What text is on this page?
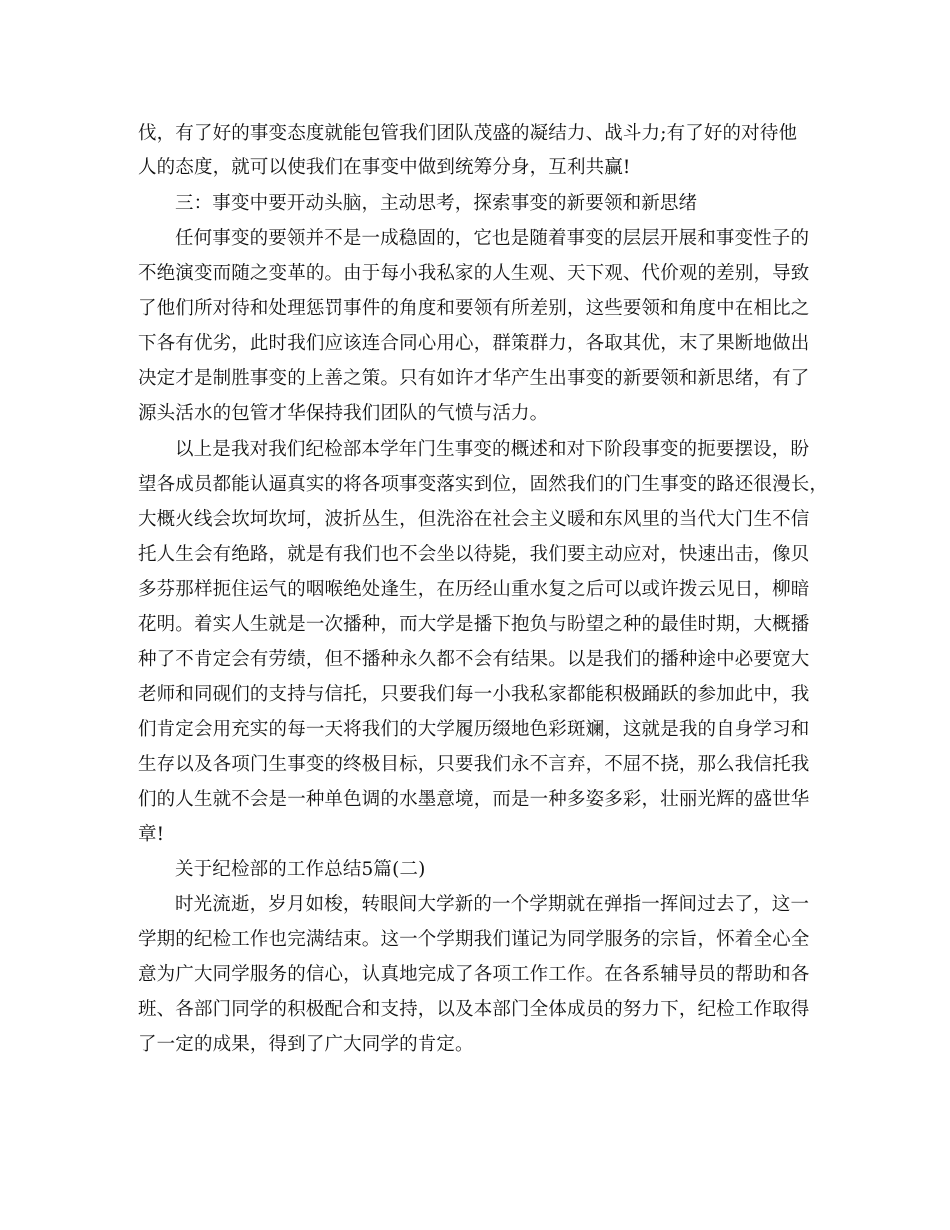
伐，有了好的事变态度就能包管我们团队茂盛的凝结力、战斗力;有了好的对待他
人的态度，就可以使我们在事变中做到统筹分身，互利共赢!
三：事变中要开动头脑，主动思考，探索事变的新要领和新思绪
任何事变的要领并不是一成稳固的，它也是随着事变的层层开展和事变性子的
不绝演变而随之变革的。由于每小我私家的人生观、天下观、代价观的差别，导致
了他们所对待和处理惩罚事件的角度和要领有所差别，这些要领和角度中在相比之
下各有优劣，此时我们应该连合同心用心，群策群力，各取其优，末了果断地做出
决定才是制胜事变的上善之策。只有如许才华产生出事变的新要领和新思绪，有了
源头活水的包管才华保持我们团队的气愤与活力。
以上是我对我们纪检部本学年门生事变的概述和对下阶段事变的扼要摆设，盼
望各成员都能认逼真实的将各项事变落实到位，固然我们的门生事变的路还很漫长，
大概火线会坎坷坎坷，波折丛生，但洗浴在社会主义暖和东风里的当代大门生不信
托人生会有绝路，就是有我们也不会坐以待毙，我们要主动应对，快速出击，像贝
多芬那样扼住运气的咽喉绝处逢生，在历经山重水复之后可以或许拨云见日，柳暗
花明。着实人生就是一次播种，而大学是播下抱负与盼望之种的最佳时期，大概播
种了不肯定会有劳绩，但不播种永久都不会有结果。以是我们的播种途中必要宽大
老师和同砚们的支持与信托，只要我们每一小我私家都能积极踊跃的参加此中，我
们肯定会用充实的每一天将我们的大学履历缀地色彩斑斓，这就是我的自身学习和
生存以及各项门生事变的终极目标，只要我们永不言弃，不屈不挠，那么我信托我
们的人生就不会是一种单色调的水墨意境，而是一种多姿多彩，壮丽光辉的盛世华
章!
关于纪检部的工作总结5篇(二)
时光流逝，岁月如梭，转眼间大学新的一个学期就在弹指一挥间过去了，这一
学期的纪检工作也完满结束。这一个学期我们谨记为同学服务的宗旨，怀着全心全
意为广大同学服务的信心，认真地完成了各项工作工作。在各系辅导员的帮助和各
班、各部门同学的积极配合和支持，以及本部门全体成员的努力下，纪检工作取得
了一定的成果，得到了广大同学的肯定。
